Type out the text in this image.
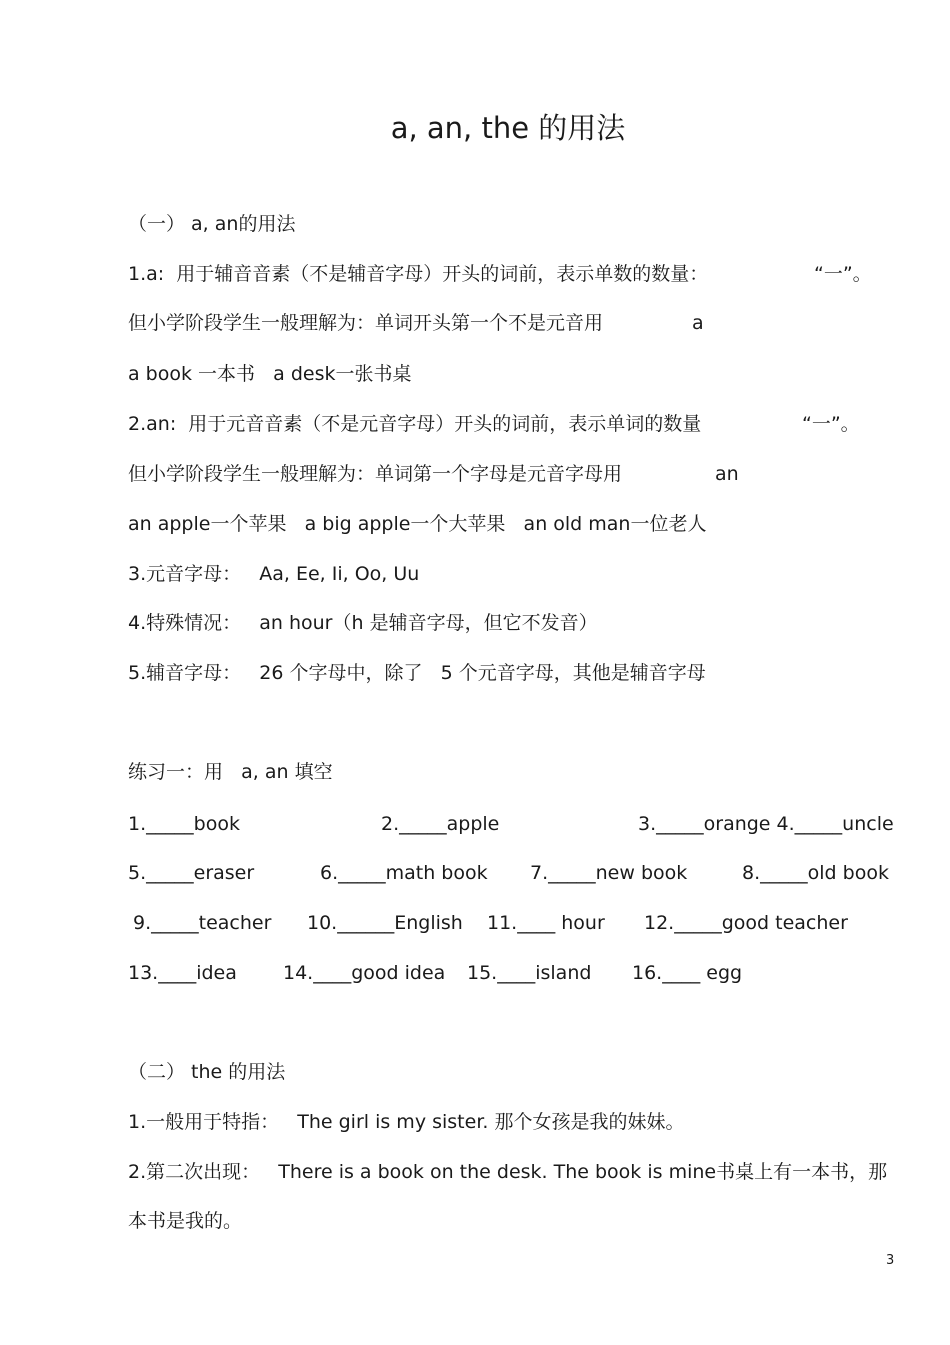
a, an, the 的用法
（一） a, an的用法
1.a:  用于辅音音素（不是辅音字母）开头的词前，表示单数的数量：	“一”。
但小学阶段学生一般理解为：单词开头第一个不是元音用	a
a book 一本书   a desk一张书桌
2.an:  用于元音音素（不是元音字母）开头的词前，表示单词的数量	“一”。
但小学阶段学生一般理解为：单词第一个字母是元音字母用	an
an apple一个苹果   a big apple一个大苹果   an old man一位老人
3.元音字母：   Aa, Ee, Ii, Oo, Uu
4.特殊情况：   an hour（h 是辅音字母，但它不发音）
5.辅音字母：   26 个字母中，除了   5 个元音字母，其他是辅音字母
练习一：用   a, an 填空
1._____book	2._____apple	3._____orange 4._____uncle
5._____eraser	6._____math book 7._____new book	8._____old book
9._____teacher 10.______English 11.____ hour 12._____good teacher
13.____idea 14.____good idea 15.____island 16.____ egg
（二） the 的用法
1.一般用于特指：   The girl is my sister. 那个女孩是我的妹妹。
2.第二次出现：   There is a book on the desk. The book is mine书桌上有一本书，那
本书是我的。
3
